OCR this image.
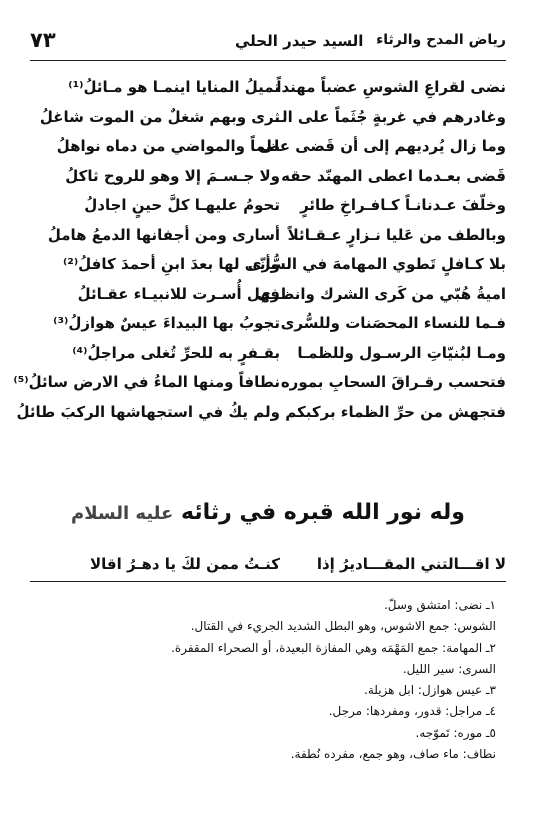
رياض المدح والرثاء
السيد حيدر الحلي
٧٣
نضى لقراعِ الشوسِ عضباً مهنداً
تميلُ المنايا اينمـا هو مـائلُ⁽¹⁾
وغادرهم في غربةٍ جُثَماً على الـ
ثرى وبهم شغلٌ من الموت شاغلُ
وما زال يُرديهم إلى أن قَضى على
ظماً والمواضي من دماه نواهلُ
قَضى بعـدما اعطى المهنّد حقه
ولا جـسـمَ إلا وهو للروح ثاكلُ
وخلّفَ عـدنانـاً كـافـراخِ طائرٍ
تحومُ عليهـا كلَّ حينٍ اجادلُ
وبالطف من عَليا نـزارٍ عـقـائلاً
أسارى ومن أجفانها الدمعُ هاملُ
بلا كـافلٍ تَطوي المهامهَ في السُّرى
وأنّى لها بعدَ ابنِ أحمدَ كافلُ⁽²⁾
اميةُ هُبّي من كَرى الشرك وانظري
فهل أُسـرت للانبيـاء عقـائلُ
فـما للنساء المحصَنات وللسُّرى
تجوبُ بها البيداءَ عيسٌ هوازلُ⁽³⁾
ومـا لبُنيّاتِ الرسـول وللظمـا
بقـفرٍ به للحرِّ تُغلى مراجلُ⁽⁴⁾
فتحسب رقـراقَ السحابِ بموره
نطافاً ومنها الماءُ في الارض سائلُ⁽⁵⁾
فتجهش من حرِّ الظماء بركبكم
ولم يكُ في استجهاشها الركبَ طائلُ
وله نور الله قبره في رثائه عليه السلام
لا اقـــالتني المقـــاديرُ إذا
كنـتُ ممن لكَ يا دهـرُ اقالا
١ـ نضى: امتشق وسلّ.
الشوس: جمع الاشوس، وهو البطل الشديد الجريء في القتال.
٢ـ المهامة: جمع المَهْمَه وهي المفازة البعيدة، أو الصحراء المقفرة.
السرى: سير الليل.
٣ـ عيس هوازل: ابل هزيلة.
٤ـ مراجل: قدور، ومفردها: مرجل.
٥ـ موره: تَموّجه.
نطاف: ماء صاف، وهو جمع، مفرده نُطفة.
